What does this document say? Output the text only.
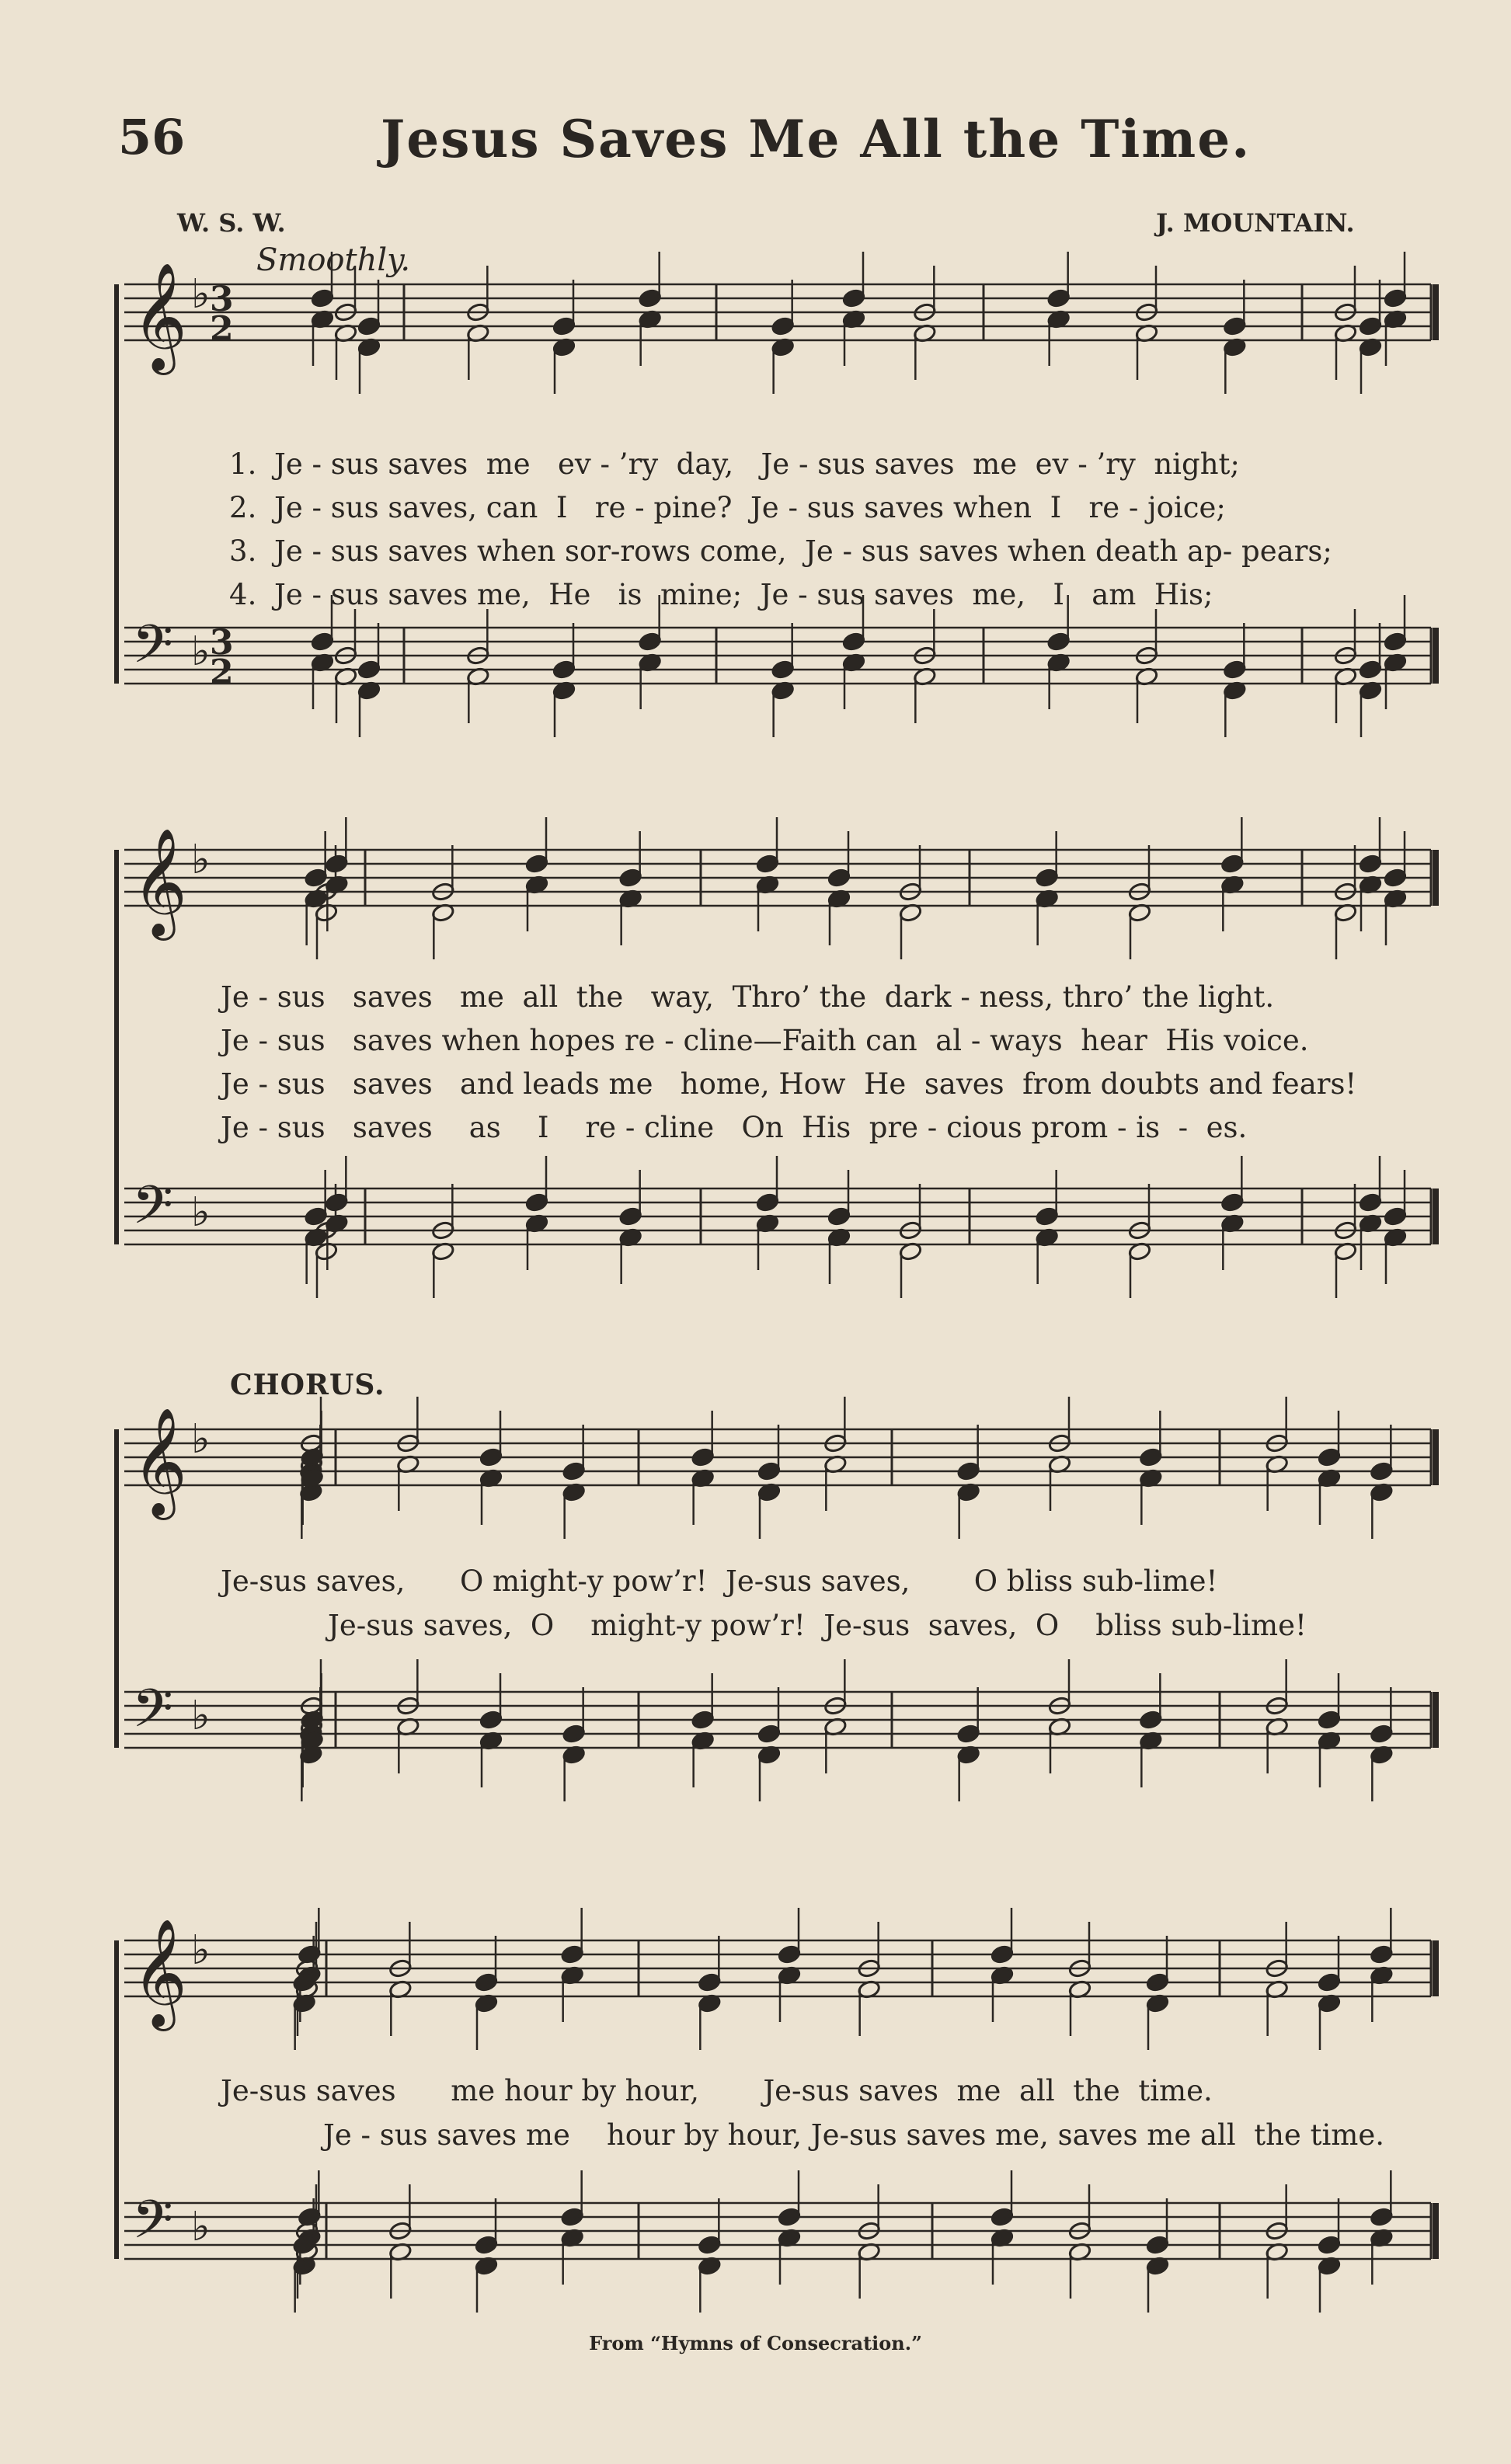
56	Jesus Saves Me All the Time.
W. S. W.	J. MOUNTAIN.
Smoothly.
𝄞 ♭
𝄢 ♭
𝄞 ♭
𝄢 ♭
𝄞 ♭
𝄢 ♭
𝄞 ♭
𝄢 ♭
3
2
3
2

1. Je - sus saves  me   ev - ’ry  day,   Je - sus saves  me  ev - ’ry  night;

2. Je - sus saves, can  I   re - pine?  Je - sus saves when  I   re - joice;

3. Je - sus saves when sor-rows come,  Je - sus saves when death ap- pears;

4. Je - sus saves me,  He   is  mine;  Je - sus saves  me,   I   am  His;

Je - sus   saves   me  all  the   way,  Thro’ the  dark - ness, thro’ the light.
Je - sus   saves when hopes re - cline—Faith can  al - ways  hear  His voice.
Je - sus   saves   and leads me   home, How  He  saves  from doubts and fears!
Je - sus   saves    as    I    re - cline   On  His  pre - cious prom - is  -  es.
CHORUS.
Je-sus saves,      O might-y pow’r!  Je-sus saves,       O bliss sub-lime!
Je-sus saves,  O    might-y pow’r!  Je-sus  saves,  O    bliss sub-lime!
Je-sus saves      me hour by hour,       Je-sus saves  me  all  the  time.
Je - sus saves me    hour by hour, Je-sus saves me, saves me all  the time.
From “Hymns of Consecration.”
